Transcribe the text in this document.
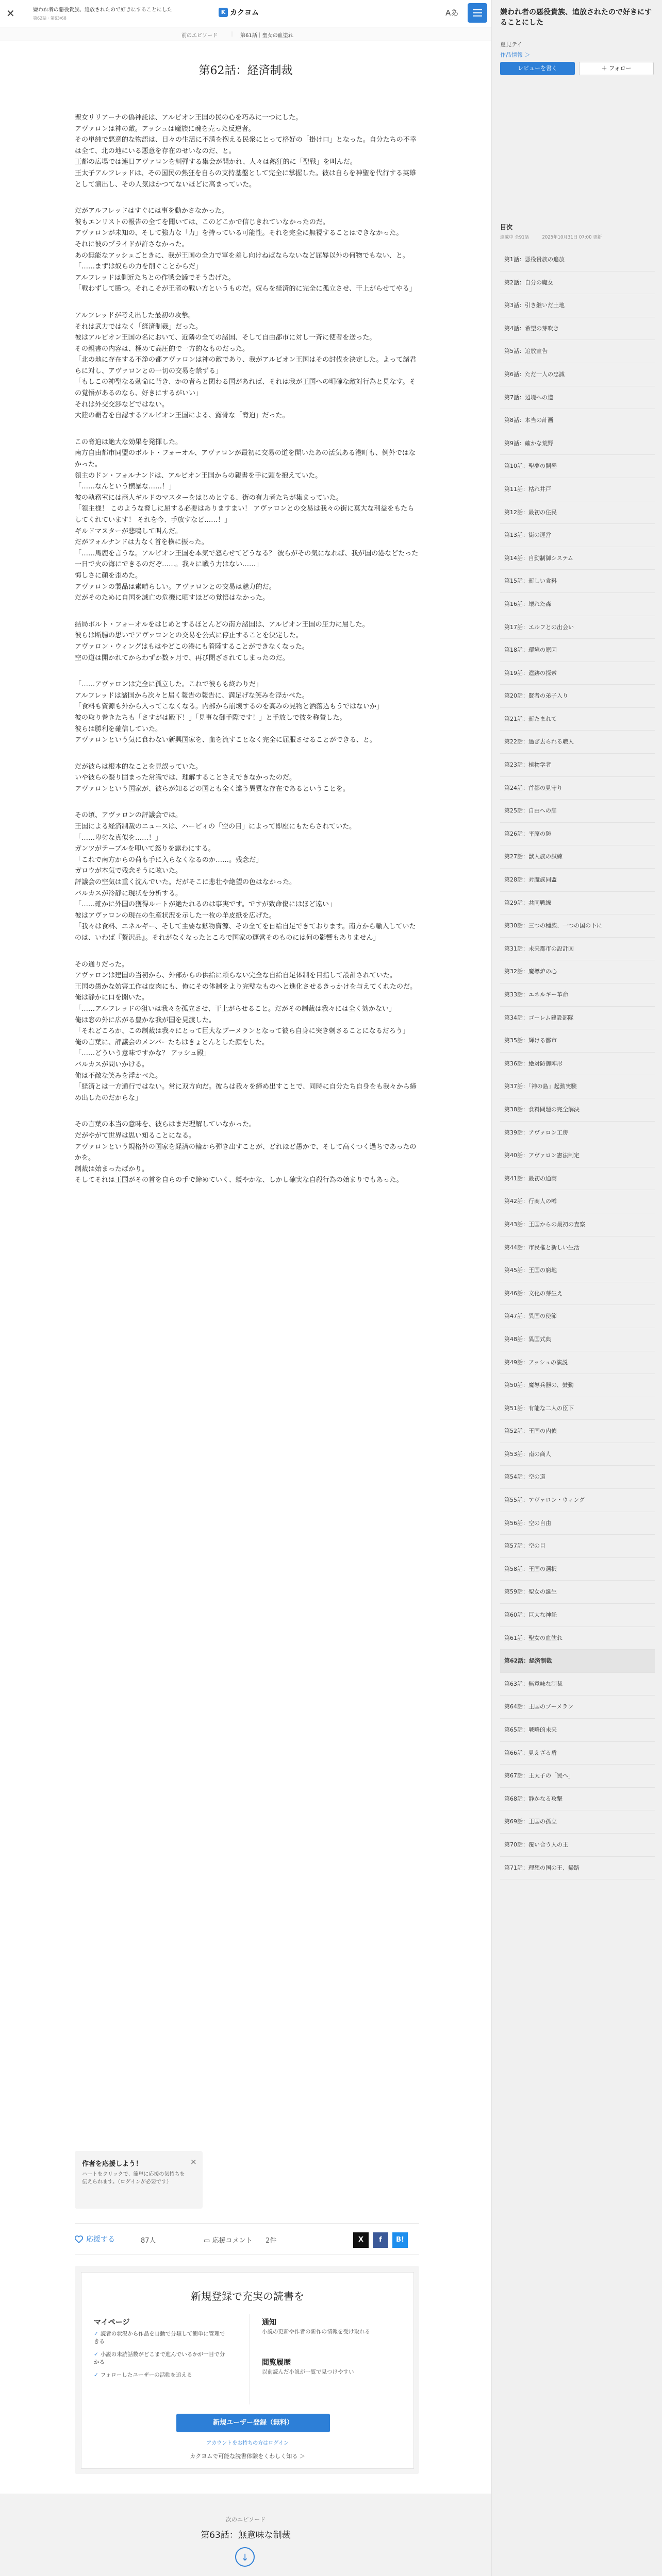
✕	嫌われ者の悪役貴族、追放されたので好きにすることにした
第62話 · 第63/68
K カクヨム	Aあ
前のエピソード ｜ 第61話｜聖女の血塗れ
第62話：経済制裁

聖女リリアーナの偽神託は、アルビオン王国の民の心を巧みに一つにした。
アヴァロンは神の敵。アッシュは魔族に魂を売った反逆者。
その単純で悪意的な物語は、日々の生活に不満を抱える民衆にとって格好の「掛け口」となった。自分たちの不幸は全て、北の地にいる悪意を存在のせいなのだ、と。
王都の広場では連日アヴァロンを糾弾する集会が開かれ、人々は熱狂的に「聖戦」を叫んだ。
王太子アルフレッドは、その国民の熱狂を自らの支持基盤として完全に掌握した。彼は自らを神聖を代行する英雄として演出し、その人気はかつてないほどに高まっていた。

だがアルフレッドはすぐには事を動かさなかった。
彼もエンリストの報告の全てを聞いては、このどこかで信じきれていなかったのだ。
アヴァロンが未知の、そして強力な「力」を持っている可能性。それを完全に無視することはできなかった。
それに彼のプライドが許さなかった。
あの無能なアッシュごときに、我が王国の全力で軍を差し向けねばならないなど屈辱以外の何物でもない、と。
「……まずは奴らの力を削ぐことからだ」
アルフレッドは側近たちとの作戦会議でそう告げた。
「戦わずして勝つ。それこそが王者の戦い方というものだ。奴らを経済的に完全に孤立させ、干上がらせてやる」

アルフレッドが考え出した最初の攻撃。
それは武力ではなく「経済制裁」だった。
彼はアルビオン王国の名において、近隣の全ての諸国、そして自由都市に対し一斉に使者を送った。
その親書の内容は、極めて高圧的で一方的なものだった。
「北の地に存在する不浄の都アヴァロンは神の敵であり、我がアルビオン王国はその討伐を決定した。よって諸君らに対し、アヴァロンとの一切の交易を禁ずる」
「もしこの神聖なる勅命に背き、かの者らと関わる国があれば、それは我が王国への明確な敵対行為と見なす。その覚悟があるのなら、好きにするがいい」
それは外交交渉などではない。
大陸の覇者を自認するアルビオン王国による、露骨な「脅迫」だった。

この脅迫は絶大な効果を発揮した。
南方自由都市同盟のボルト・フォーオル、アヴァロンが最初に交易の道を開いたあの活気ある港町も、例外ではなかった。
領主のドン・フォルナンドは、アルビオン王国からの親書を手に頭を抱えていた。
「……なんという横暴な……！」
彼の執務室には商人ギルドのマスターをはじめとする、街の有力者たちが集まっていた。
「領主様！ このような脅しに屈する必要はありますまい！ アヴァロンとの交易は我々の街に莫大な利益をもたらしてくれています！ それを今、手放すなど……！」
ギルドマスターが悲鳴して叫んだ。
だがフォルナンドは力なく首を横に振った。
「……馬鹿を言うな。アルビオン王国を本気で怒らせてどうなる？ 彼らがその気になれば、我が国の港などたった一日で火の海にできるのだぞ……。我々に戦う力はない……」
悔しさに顔を歪めた。
アヴァロンの製品は素晴らしい。アヴァロンとの交易は魅力的だ。
だがそのために自国を滅亡の危機に晒すほどの覚悟はなかった。

結局ボルト・フォーオルをはじめとするほとんどの南方諸国は、アルビオン王国の圧力に屈した。
彼らは断腸の思いでアヴァロンとの交易を公式に停止することを決定した。
アヴァロン・ウィングはもはやどこの港にも着陸することができなくなった。
空の道は開かれてからわずか数ヶ月で、再び閉ざされてしまったのだ。

「……アヴァロンは完全に孤立した。これで彼らも終わりだ」
アルフレッドは諸国から次々と届く報告の報告に、満足げな笑みを浮かべた。
「食料も資源も外から入ってこなくなる。内部から崩壊するのを高みの見物と洒落込もうではないか」
彼の取り巻きたちも「さすがは殿下！」「見事な御手際です！」と手放しで彼を称賛した。
彼らは勝利を確信していた。
アヴァロンという気に食わない新興国家を、血を流すことなく完全に屈服させることができる、と。

だが彼らは根本的なことを見誤っていた。
いや彼らの凝り固まった常識では、理解することさえできなかったのだ。
アヴァロンという国家が、彼らが知るどの国とも全く違う異質な存在であるということを。

その頃、アヴァロンの評議会では。
王国による経済制裁のニュースは、ハーピィの「空の目」によって即座にもたらされていた。
「……卑劣な真似を……！」
ガンツがテーブルを叩いて怒りを露わにする。
「これで南方からの荷も手に入らなくなるのか……。残念だ」
ガロウが本気で残念そうに呟いた。
評議会の空気は重く沈んでいた。だがそこに悲壮や絶望の色はなかった。
バルカスが冷静に現状を分析する。
「……確かに外国の獲得ルートが絶たれるのは事実です。ですが致命傷にはほど遠い」
彼はアヴァロンの現在の生産状況を示した一枚の羊皮紙を広げた。
「我々は食料、エネルギー、そして主要な鉱物資源、その全てを自給自足できております。南方から輸入していたのは、いわば『贅沢品』。それがなくなったところで国家の運営そのものには何の影響もありません」

その通りだった。
アヴァロンは建国の当初から、外部からの供給に頼らない完全な自給自足体制を目指して設計されていた。
王国の愚かな妨害工作は皮肉にも、俺にその体制をより完璧なものへと進化させるきっかけを与えてくれたのだ。
俺は静かに口を開いた。
「……アルフレッドの狙いは我々を孤立させ、干上がらせること。だがその制裁は我々には全く効かない」
俺は窓の外に広がる豊かな我が国を見渡した。
「それどころか、この制裁は我々にとって巨大なブーメランとなって彼ら自身に突き刺さることになるだろう」
俺の言葉に、評議会のメンバーたちはきょとんとした顔をした。
「……どういう意味ですかな？ アッシュ殿」
バルカスが問いかける。
俺は不敵な笑みを浮かべた。
「経済とは一方通行ではない。常に双方向だ。彼らは我々を締め出すことで、同時に自分たち自身をも我々から締め出したのだからな」

その言葉の本当の意味を、彼らはまだ理解していなかった。
だがやがて世界は思い知ることになる。
アヴァロンという規格外の国家を経済の輪から弾き出すことが、どれほど愚かで、そして高くつく過ちであったのかを。
制裁は始まったばかり。
そしてそれは王国がその首を自らの手で締めていく、緩やかな、しかし確実な自殺行為の始まりでもあった。

作者を応援しよう！
ハートをクリックで、簡単に応援の気持ちを伝えられます。（ログインが必要です）
×
応援する	87人	▭ 応援コメント 2件	X	f	B!
新規登録で充実の読書を
マイページ
✓ 読者の状況から作品を自動で分類して簡単に管理できる
✓ 小説の未読話数がどこまで進んでいるかが一目で分かる
✓ フォローしたユーザーの活動を追える
通知
小説の更新や作者の新作の情報を受け取れる
閲覧履歴
以前読んだ小説が一覧で見つけやすい
新規ユーザー登録（無料）
アカウントをお持ちの方はログイン
カクヨムで可能な読書体験をくわしく知る ＞
次のエピソード
第63話：無意味な制裁
↓
嫌われ者の悪役貴族、追放されたので好きにすることにした
夏見テイ
作品情報 ＞
レビューを書く	＋ フォロー
目次
連載中 全91話　　　2025年10月31日 07:00 更新
第1話：悪役貴族の追放
第2話：自分の魔女
第3話：引き継いだ土地
第4話：希望の芽吹き
第5話：追放宣告
第6話：ただ一人の忠誠
第7話：辺境への道
第8話：本当の計画
第9話：確かな荒野
第10話：聖夢の開墾
第11話：枯れ井戸
第12話：最初の住民
第13話：街の運営
第14話：自動制御システム
第15話：新しい食料
第16話：壊れた森
第17話：エルフとの出会い
第18話：環境の原因
第19話：遺跡の探索
第20話：賢者の弟子入り
第21話：新たまれて
第22話：過ぎ去られる職人
第23話：植物学者
第24話：首都の見守り
第25話：自由への扉
第26話：平原の防
第27話：獣人族の試練
第28話：対魔族同盟
第29話：共同戦線
第30話：三つの種族、一つの国の下に
第31話：未来都市の設計図
第32話：魔導炉の心
第33話：エネルギー革命
第34話：ゴーレム建設部隊
第35話：輝ける都市
第36話：絶対防御陣形
第37話：「神の島」起動実験
第38話：食料問題の完全解決
第39話：アヴァロン工房
第40話：アヴァロン憲法制定
第41話：最初の通商
第42話：行商人の噂
第43話：王国からの最初の査察
第44話：市民権と新しい生活
第45話：王国の窮地
第46話：文化の芽生え
第47話：異国の使節
第48話：異国式典
第49話：アッシュの演説
第50話：魔導兵器の、鼓動
第51話：有能な二人の臣下
第52話：王国の内偵
第53話：南の商人
第54話：空の道
第55話：アヴァロン・ウィング
第56話：空の自由
第57話：空の目
第58話：王国の選択
第59話：聖女の誕生
第60話：巨大な神託
第61話：聖女の血塗れ
第62話：経済制裁
第63話：無意味な制裁
第64話：王国のブーメラン
第65話：戦略的未来
第66話：見えざる盾
第67話：王太子の「罠へ」
第68話：静かなる攻撃
第69話：王国の孤立
第70話：覆い合う人の王
第71話：理想の国の王、帰路
